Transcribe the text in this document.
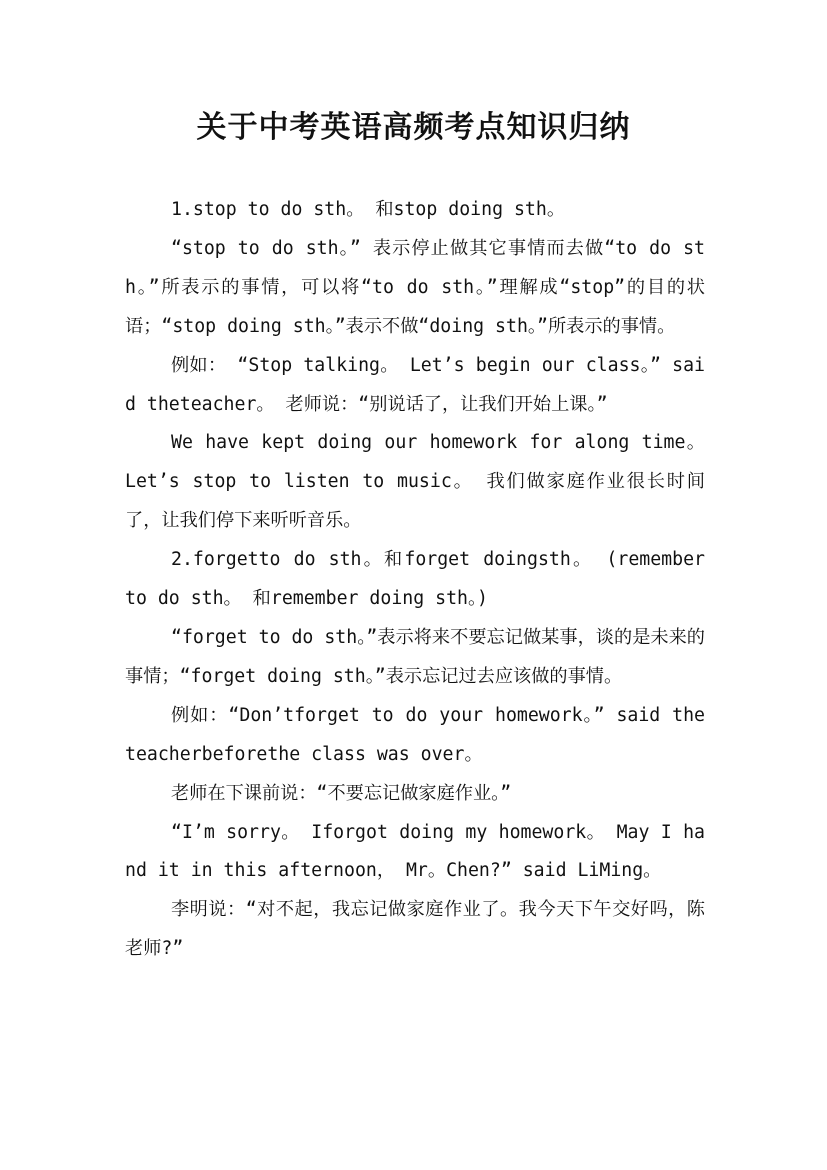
关于中考英语高频考点知识归纳

1.stop to do sth。 和stop doing sth。

“stop to do sth。” 表示停止做其它事情而去做“to do sth。”所表示的事情，可以将“to do sth。”理解成“stop”的目的状语；“stop doing sth。”表示不做“doing sth。”所表示的事情。

例如： “Stop talking。 Let’s begin our class。” said theteacher。 老师说：“别说话了，让我们开始上课。”

We have kept doing our homework for along time。 Let’s stop to listen to music。 我们做家庭作业很长时间了，让我们停下来听听音乐。

2.forgetto do sth。和forget doingsth。 (remember to do sth。 和remember doing sth。)

“forget to do sth。”表示将来不要忘记做某事，谈的是未来的事情；“forget doing sth。”表示忘记过去应该做的事情。

例如：“Don’tforget to do your homework。” said theteacherbeforethe class was over。

老师在下课前说：“不要忘记做家庭作业。”

“I’m sorry。 Iforgot doing my homework。 May I hand it in this afternoon， Mr。Chen?” said LiMing。

李明说：“对不起，我忘记做家庭作业了。我今天下午交好吗，陈老师?”
